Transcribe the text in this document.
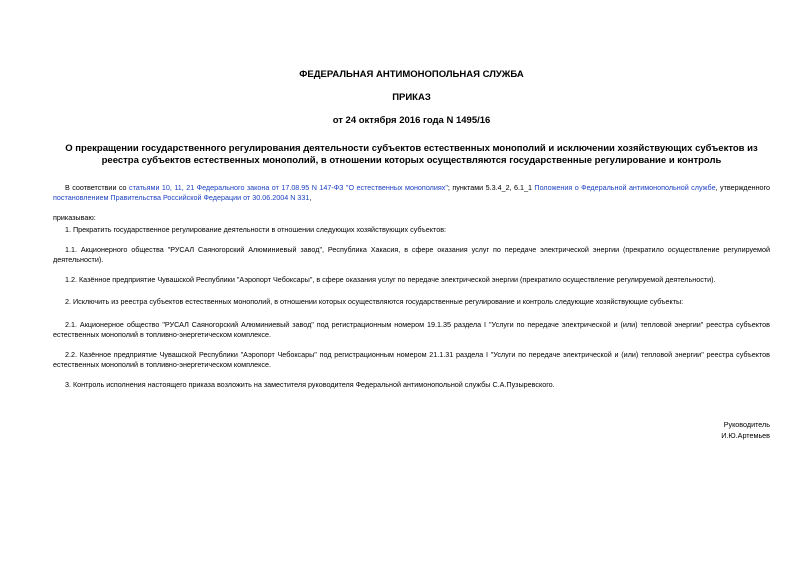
ФЕДЕРАЛЬНАЯ АНТИМОНОПОЛЬНАЯ СЛУЖБА
ПРИКАЗ
от 24 октября 2016 года N 1495/16
О прекращении государственного регулирования деятельности субъектов естественных монополий и исключении хозяйствующих субъектов из реестра субъектов естественных монополий, в отношении которых осуществляются государственные регулирование и контроль
В соответствии со статьями 10, 11, 21 Федерального закона от 17.08.95 N 147-ФЗ "О естественных монополиях"; пунктами 5.3.4_2, 6.1_1 Положения о Федеральной антимонопольной службе, утвержденного постановлением Правительства Российской Федерации от 30.06.2004 N 331,
приказываю:
1. Прекратить государственное регулирование деятельности в отношении следующих хозяйствующих субъектов:
1.1. Акционерного общества "РУСАЛ Саяногорский Алюминиевый завод", Республика Хакасия, в сфере оказания услуг по передаче электрической энергии (прекратило осуществление регулируемой деятельности).
1.2. Казённое предприятие Чувашской Республики "Аэропорт Чебоксары", в сфере оказания услуг по передаче электрической энергии (прекратило осуществление регулируемой деятельности).
2. Исключить из реестра субъектов естественных монополий, в отношении которых осуществляются государственные регулирование и контроль следующие хозяйствующие субъекты:
2.1. Акционерное общество "РУСАЛ Саяногорский Алюминиевый завод" под регистрационным номером 19.1.35 раздела I "Услуги по передаче электрической и (или) тепловой энергии" реестра субъектов естественных монополий в топливно-энергетическом комплексе.
2.2. Казённое предприятие Чувашской Республики "Аэропорт Чебоксары" под регистрационным номером 21.1.31 раздела I "Услуги по передаче электрической и (или) тепловой энергии" реестра субъектов естественных монополий в топливно-энергетическом комплексе.
3. Контроль исполнения настоящего приказа возложить на заместителя руководителя Федеральной антимонопольной службы С.А.Пузыревского.
Руководитель
И.Ю.Артемьев
